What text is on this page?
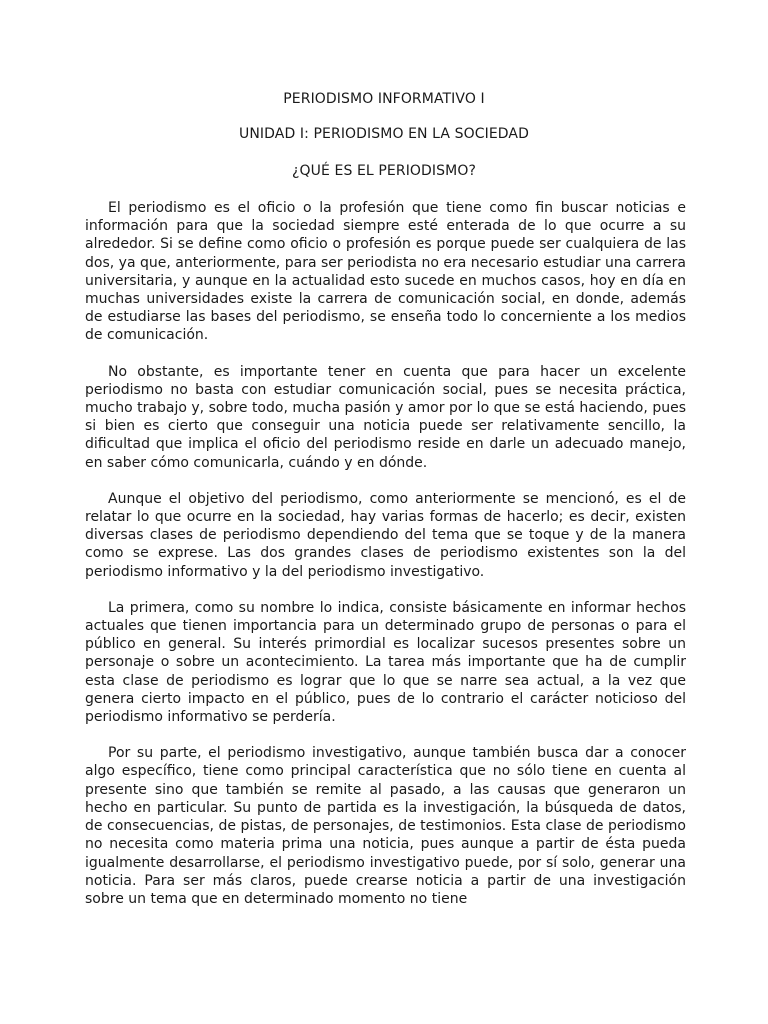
PERIODISMO INFORMATIVO I
UNIDAD I: PERIODISMO EN LA SOCIEDAD
¿QUÉ ES EL PERIODISMO?

El periodismo es el oficio o la profesión que tiene como fin buscar noticias e información para que la sociedad siempre esté enterada de lo que ocurre a su alrededor. Si se define como oficio o profesión es porque puede ser cualquiera de las dos, ya que, anteriormente, para ser periodista no era necesario estudiar una carrera universitaria, y aunque en la actualidad esto sucede en muchos casos, hoy en día en muchas universidades existe la carrera de comunicación social, en donde, además de estudiarse las bases del periodismo, se enseña todo lo concerniente a los medios de comunicación.

No obstante, es importante tener en cuenta que para hacer un excelente periodismo no basta con estudiar comunicación social, pues se necesita práctica, mucho trabajo y, sobre todo, mucha pasión y amor por lo que se está haciendo, pues si bien es cierto que conseguir una noticia puede ser relativamente sencillo, la dificultad que implica el oficio del periodismo reside en darle un adecuado manejo, en saber cómo comunicarla, cuándo y en dónde.

Aunque el objetivo del periodismo, como anteriormente se mencionó, es el de relatar lo que ocurre en la sociedad, hay varias formas de hacerlo; es decir, existen diversas clases de periodismo dependiendo del tema que se toque y de la manera como se exprese. Las dos grandes clases de periodismo existentes son la del periodismo informativo y la del periodismo investigativo.

La primera, como su nombre lo indica, consiste básicamente en informar hechos actuales que tienen importancia para un determinado grupo de personas o para el público en general. Su interés primordial es localizar sucesos presentes sobre un personaje o sobre un acontecimiento. La tarea más importante que ha de cumplir esta clase de periodismo es lograr que lo que se narre sea actual, a la vez que genera cierto impacto en el público, pues de lo contrario el carácter noticioso del periodismo informativo se perdería.

Por su parte, el periodismo investigativo, aunque también busca dar a conocer algo específico, tiene como principal característica que no sólo tiene en cuenta al presente sino que también se remite al pasado, a las causas que generaron un hecho en particular. Su punto de partida es la investigación, la búsqueda de datos, de consecuencias, de pistas, de personajes, de testimonios. Esta clase de periodismo no necesita como materia prima una noticia, pues aunque a partir de ésta pueda igualmente desarrollarse, el periodismo investigativo puede, por sí solo, generar una noticia. Para ser más claros, puede crearse noticia a partir de una investigación sobre un tema que en determinado momento no tiene
